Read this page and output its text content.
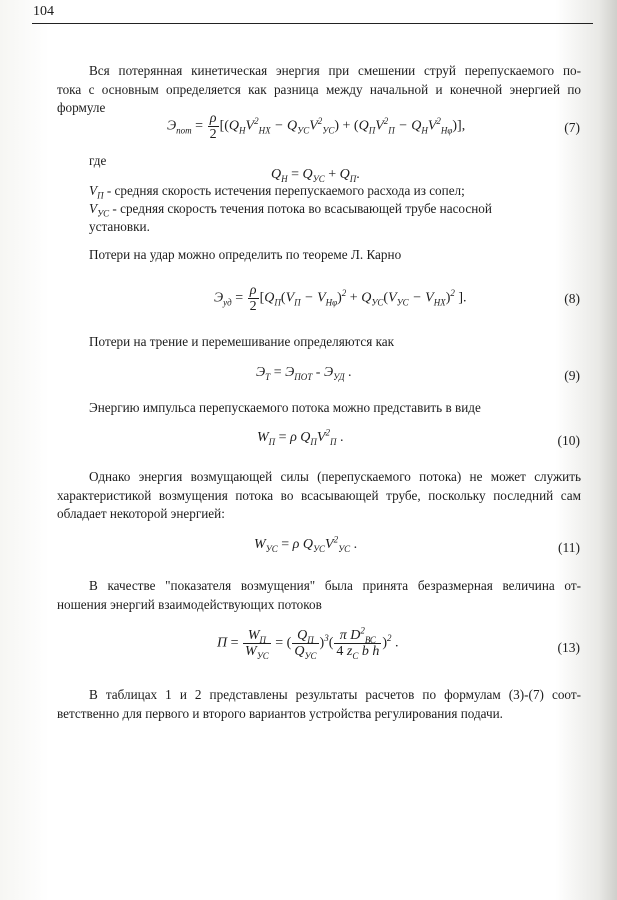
104
Вся потерянная кинетическая энергия при смешении струй перепускаемого по-
тока с основным определяется как разница между начальной и конечной энергией по
формуле
$Э_{пот} = \frac{\rho}{2} [(Q_НV^2_{НХ} - Q_{УС}V^2_{УС}) + (Q_ПV^2_П - Q_НV^2_{Н\varphi})]$,	(7)
где
$Q_Н = Q_{УС} + Q_П$.
$V_П$ - средняя скорость истечения перепускаемого расхода из сопел;
$V_{УС}$ - средняя скорость течения потока во всасывающей трубе насосной
установки.
Потери на удар можно определить по теореме Л. Карно
$Э_{уд} = \frac{\rho}{2} [Q_П(V_П - V_{Н\varphi})^2 + Q_{УС}(V_{УС} - V_{НХ})^2$ ].	(8)
Потери на трение и перемешивание определяются как
$Э_Т = Э_{ПОТ} - Э_{УД}$ .	(9)
Энергию импульса перепускаемого потока можно представить в виде
$W_П = \rho$ $Q_ПV^2_П$ .	(10)
Однако энергия возмущающей силы (перепускаемого потока) не может служить
характеристикой возмущения потока во всасывающей трубе, поскольку последний сам
обладает некоторой энергией:
$W_{УС} = \rho$ $Q_{УС}V^2_{УС}$ .	(11)
В качестве "показателя возмущения" была принята безразмерная величина от-
ношения энергий взаимодействующих потоков
$П = \frac{W_П}{W_{УС}}$ = ( $\frac{Q_П}{Q_{УС}} )^3( \frac{\pi D^2_{ВС}}{4 z_C b h} )^2$ .	(13)
В таблицах 1 и 2 представлены результаты расчетов по формулам (3)-(7) соот-
ветственно для первого и второго вариантов устройства регулирования подачи.
